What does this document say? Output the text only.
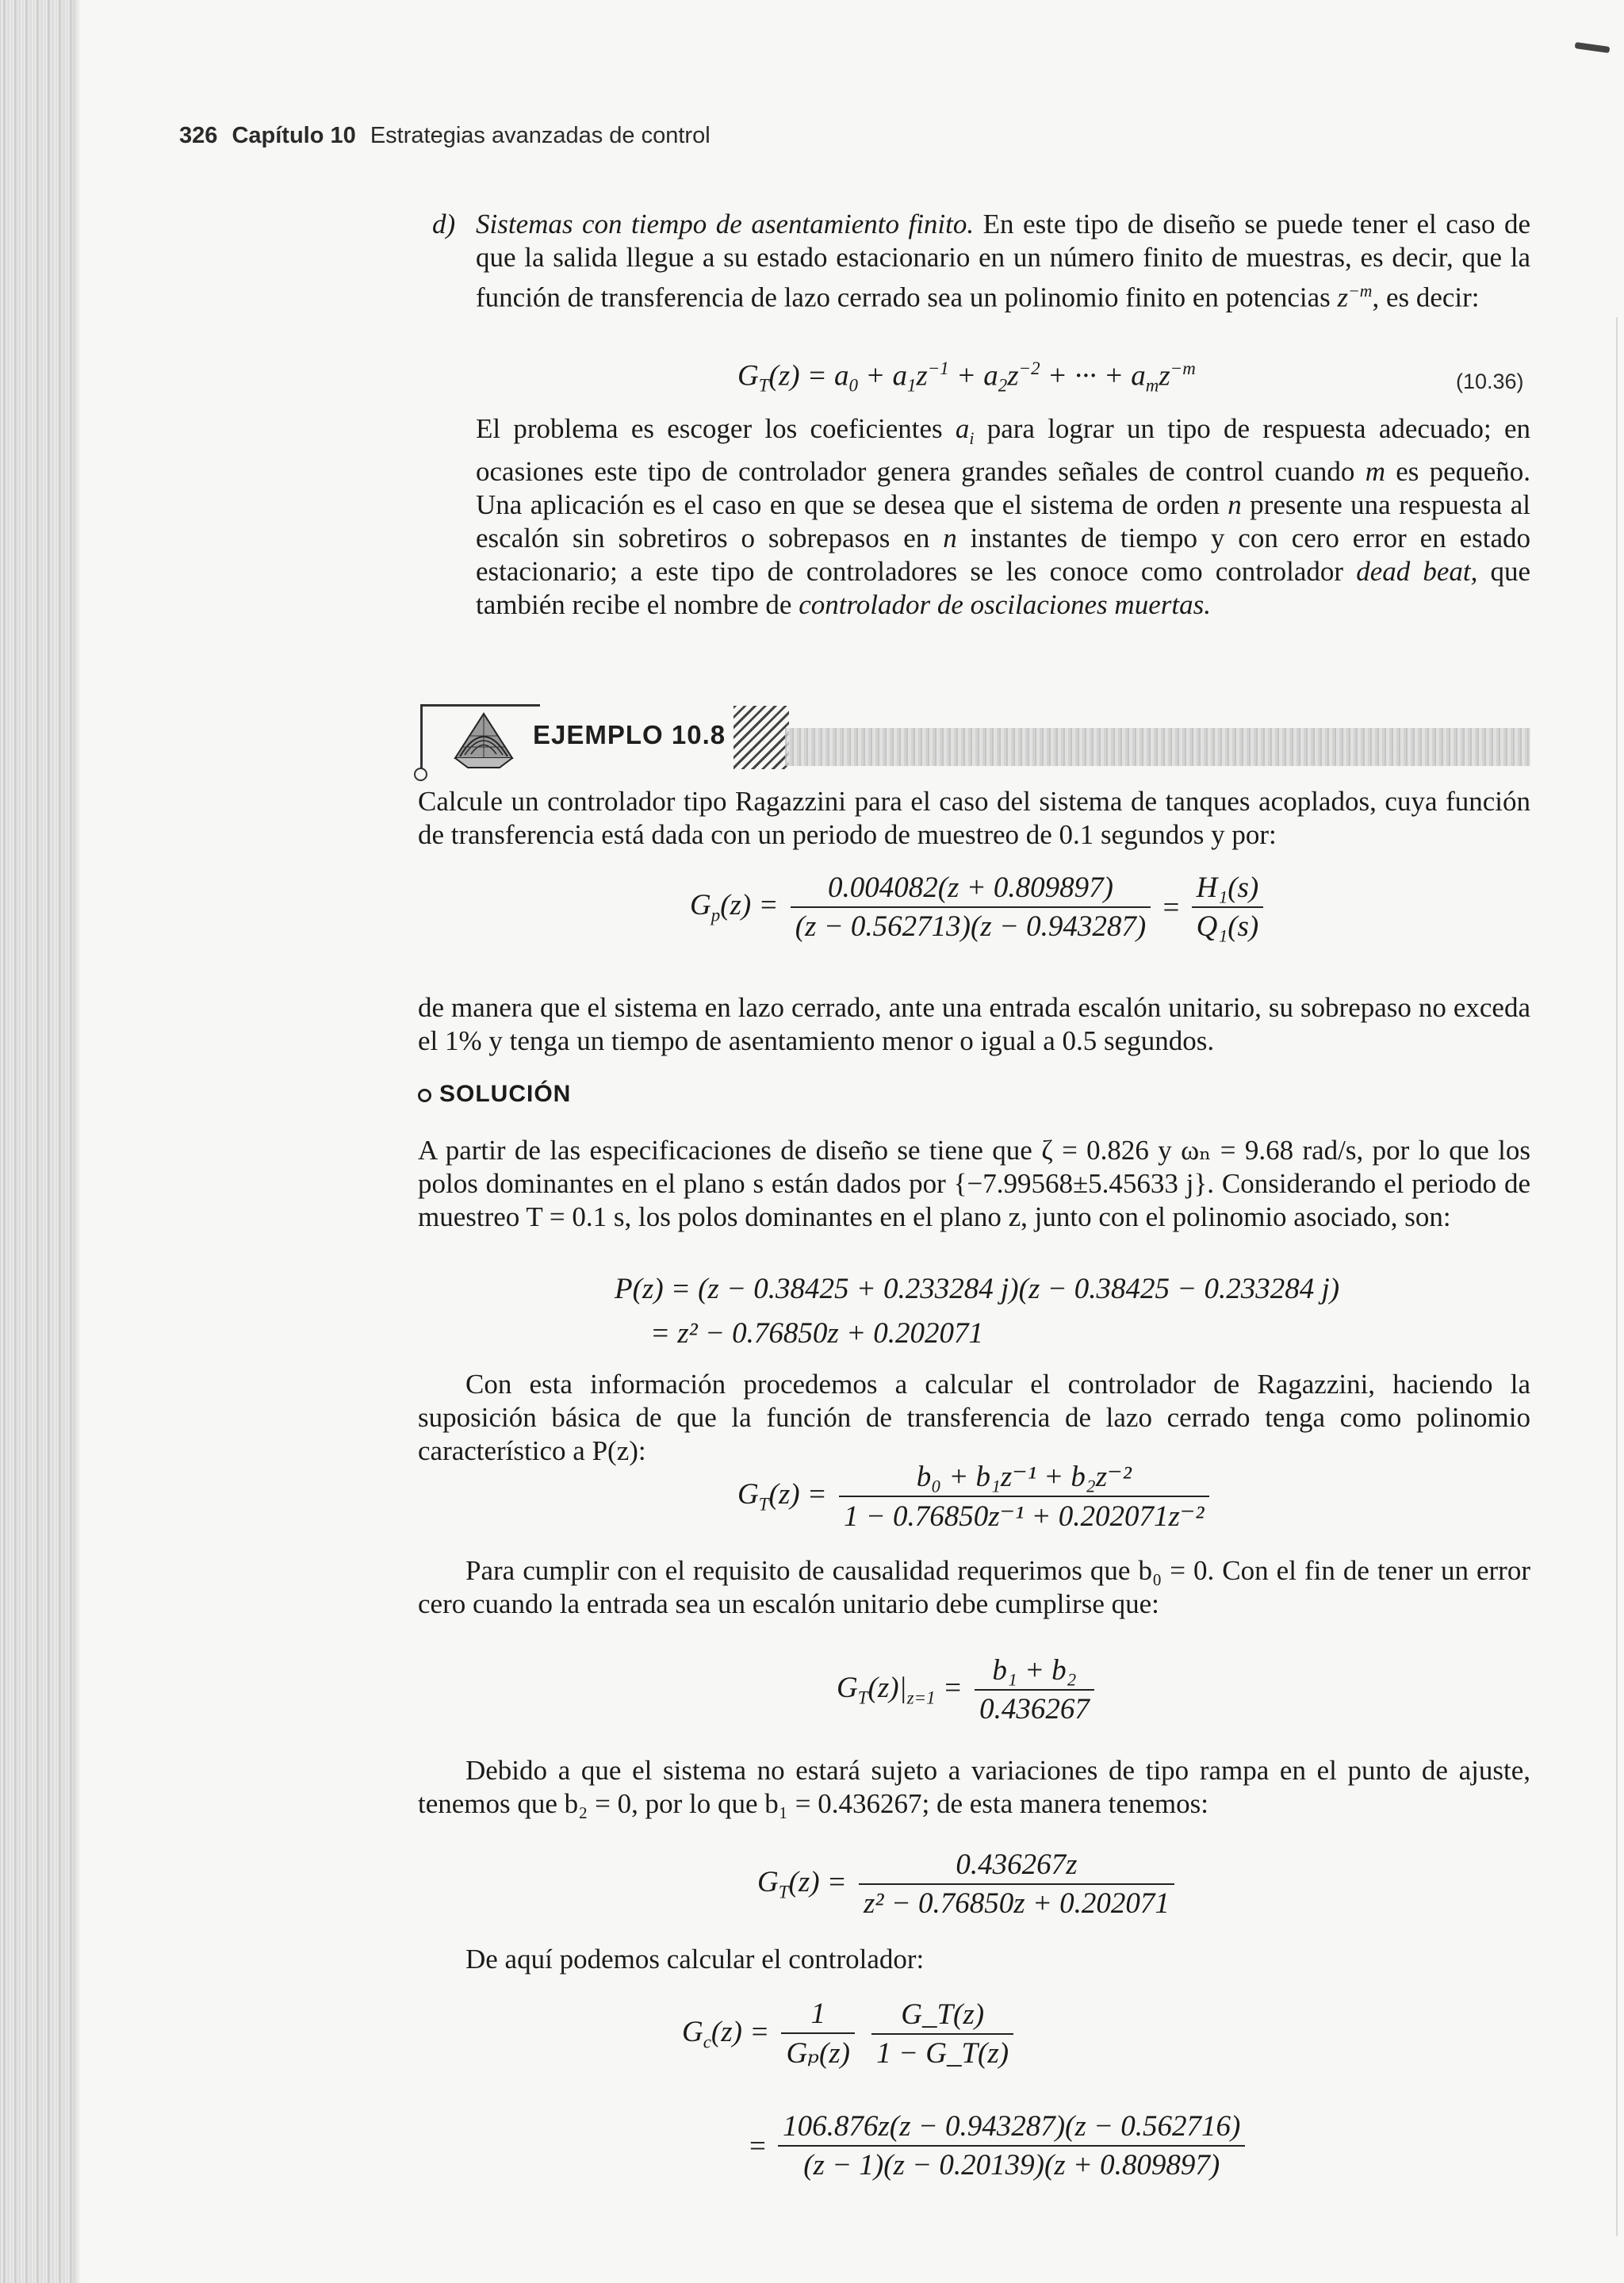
326 Capítulo 10 Estrategias avanzadas de control
d) Sistemas con tiempo de asentamiento finito. En este tipo de diseño se puede tener el caso de que la salida llegue a su estado estacionario en un número finito de muestras, es decir, que la función de transferencia de lazo cerrado sea un polinomio finito en potencias $z^{-m}$, es decir:
$G_T(z) = a_0 + a_1z^{-1} + a_2z^{-2}$ + ··· + $a_mz^{-m}$
(10.36)
El problema es escoger los coeficientes $a_i$ para lograr un tipo de respuesta adecuado; en ocasiones este tipo de controlador genera grandes señales de control cuando m es pequeño. Una aplicación es el caso en que se desea que el sistema de orden n presente una respuesta al escalón sin sobretiros o sobrepasos en n instantes de tiempo y con cero error en estado estacionario; a este tipo de controladores se les conoce como controlador dead beat, que también recibe el nombre de controlador de oscilaciones muertas.
EJEMPLO 10.8
Calcule un controlador tipo Ragazzini para el caso del sistema de tanques acoplados, cuya función de transferencia está dada con un periodo de muestreo de 0.1 segundos y por:
$G_p(z) = \frac{0.004082(z + 0.809897)}{(z - 0.562713)(z - 0.943287)} = \frac{\text{H₁(s)}}{\text{Q₁(s)}}$
de manera que el sistema en lazo cerrado, ante una entrada escalón unitario, su sobrepaso no exceda el 1% y tenga un tiempo de asentamiento menor o igual a 0.5 segundos.
SOLUCIÓN
A partir de las especificaciones de diseño se tiene que ζ = 0.826 y ωₙ = 9.68 rad/s, por lo que los polos dominantes en el plano s están dados por {−7.99568±5.45633 j}. Considerando el periodo de muestreo T = 0.1 s, los polos dominantes en el plano z, junto con el polinomio asociado, son:
P(z) = (z − 0.38425 + 0.233284 j)(z − 0.38425 − 0.233284 j)
= z² − 0.76850z + 0.202071
Con esta información procedemos a calcular el controlador de Ragazzini, haciendo la suposición básica de que la función de transferencia de lazo cerrado tenga como polinomio característico a P(z):
$G_T(z) = \frac{\text{b₀ + b₁z⁻¹ + b₂z⁻²}}{\text{1 − 0.76850z⁻¹ + 0.202071z⁻²}}$
Para cumplir con el requisito de causalidad requerimos que b₀ = 0. Con el fin de tener un error cero cuando la entrada sea un escalón unitario debe cumplirse que:
$G_T(z)|_{z=1} = \frac{\text{b₁ + b₂}}{0.436267}$
Debido a que el sistema no estará sujeto a variaciones de tipo rampa en el punto de ajuste, tenemos que b₂ = 0, por lo que b₁ = 0.436267; de esta manera tenemos:
$G_T(z) = \frac{0.436267z}{\text{z² − 0.76850z + 0.202071}}$
De aquí podemos calcular el controlador:
$G_c(z) = \frac{1}{\text{Gₚ(z)}}$
$\frac{G\_T(z)}{1 - G\_T(z)}$
= $\frac{106.876z(z - 0.943287)(z - 0.562716)}{(z - 1)(z - 0.20139)(z + 0.809897)}$
